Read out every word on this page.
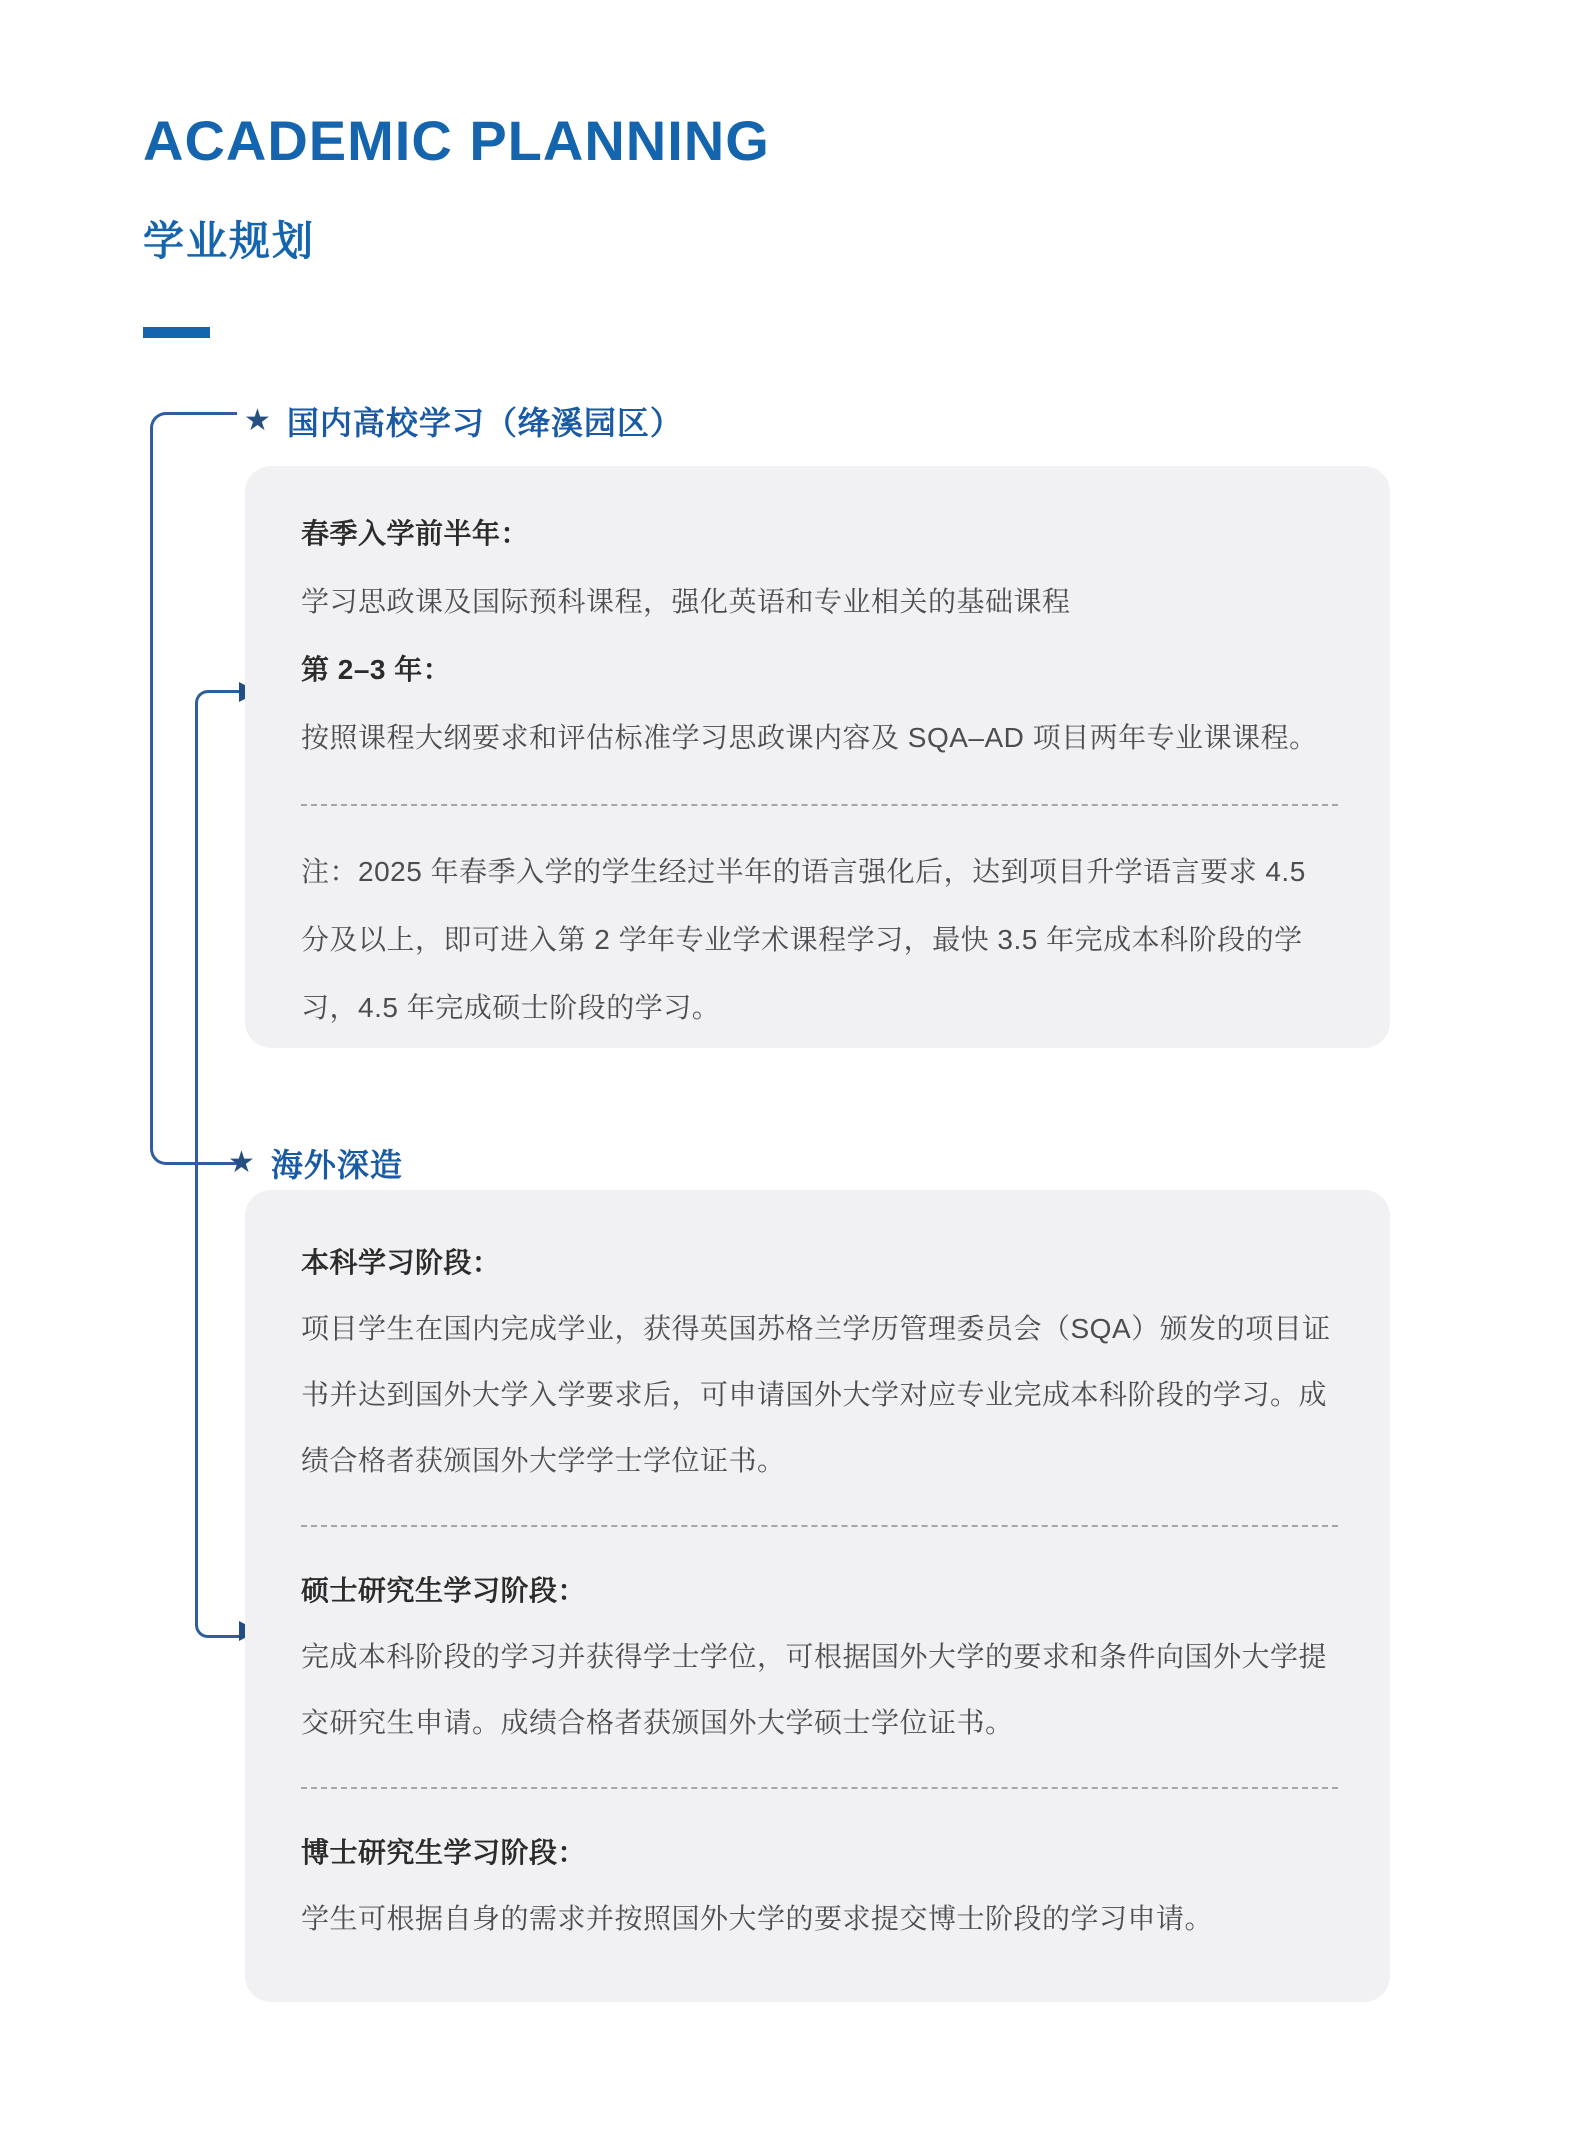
ACADEMIC PLANNING
学业规划
★ 国内高校学习（绛溪园区）
春季入学前半年：
学习思政课及国际预科课程，强化英语和专业相关的基础课程
第 2–3 年：
按照课程大纲要求和评估标准学习思政课内容及 SQA–AD 项目两年专业课课程。
注：2025 年春季入学的学生经过半年的语言强化后，达到项目升学语言要求 4.5 分及以上，即可进入第 2 学年专业学术课程学习，最快 3.5 年完成本科阶段的学习，4.5 年完成硕士阶段的学习。
★ 海外深造
本科学习阶段：
项目学生在国内完成学业，获得英国苏格兰学历管理委员会（SQA）颁发的项目证书并达到国外大学入学要求后，可申请国外大学对应专业完成本科阶段的学习。成绩合格者获颁国外大学学士学位证书。
硕士研究生学习阶段：
完成本科阶段的学习并获得学士学位，可根据国外大学的要求和条件向国外大学提交研究生申请。成绩合格者获颁国外大学硕士学位证书。
博士研究生学习阶段：
学生可根据自身的需求并按照国外大学的要求提交博士阶段的学习申请。
